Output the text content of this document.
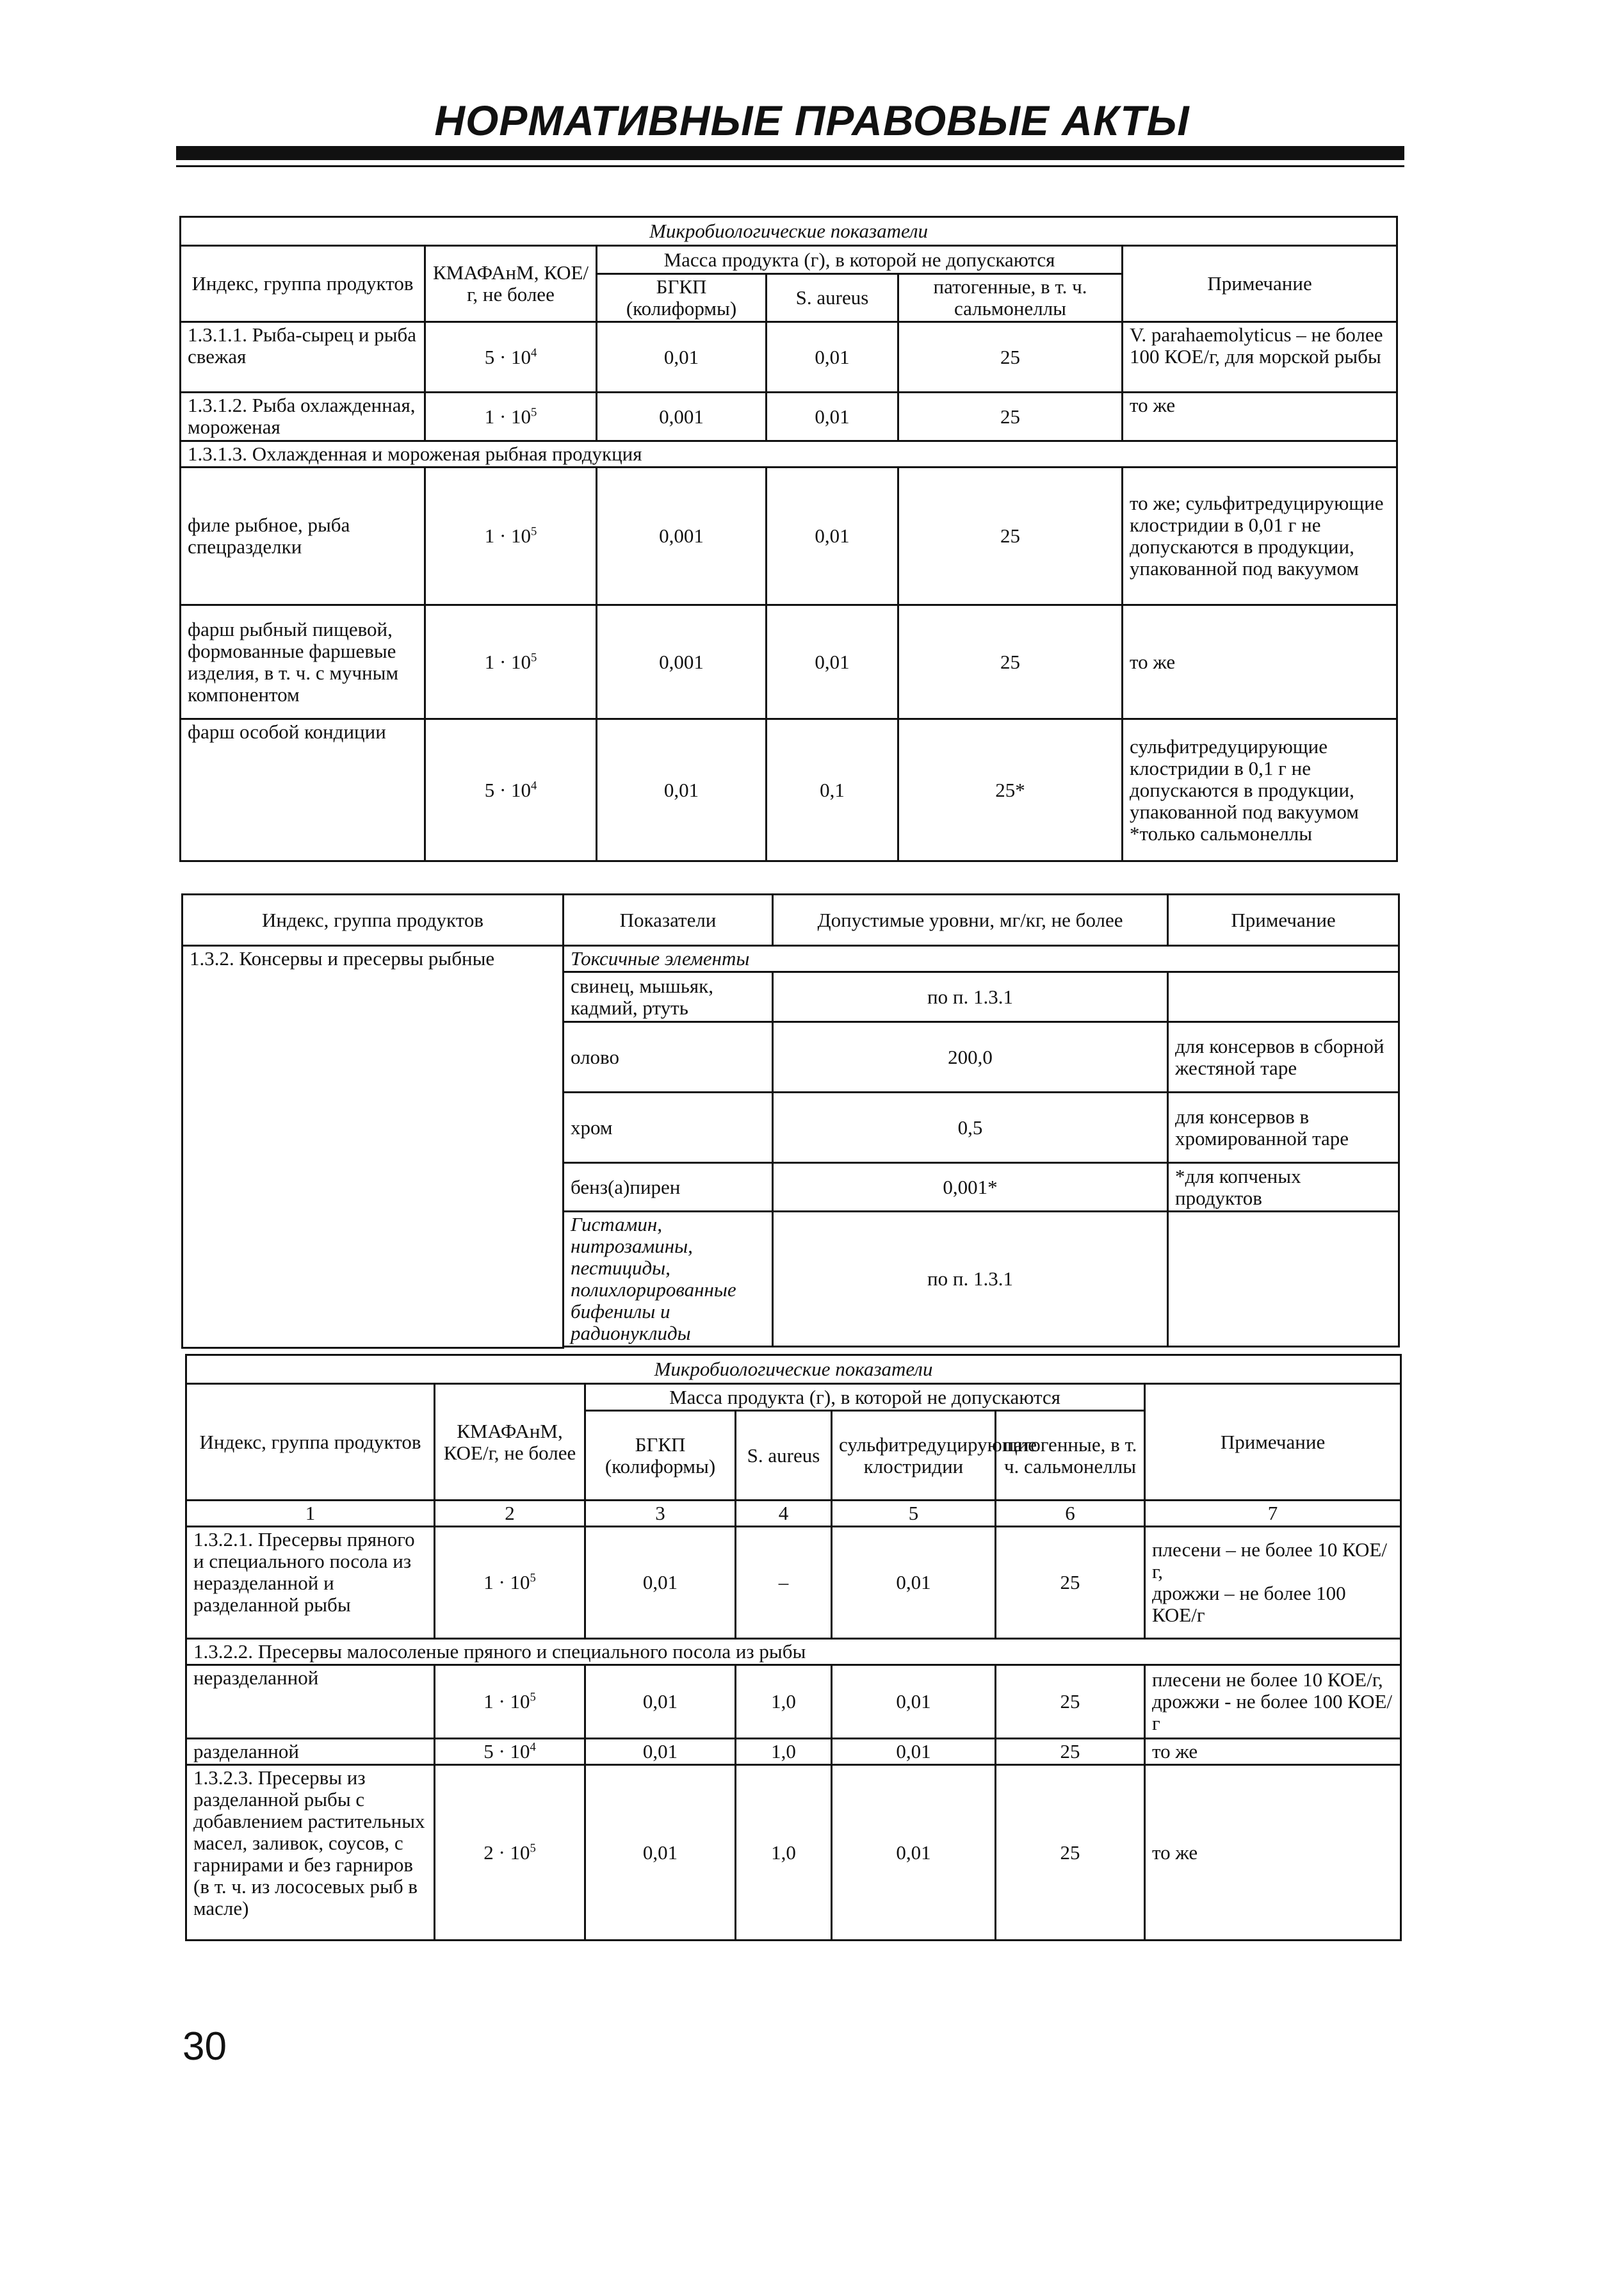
НОРМАТИВНЫЕ ПРАВОВЫЕ АКТЫ
Микробиологические показатели					
Индекс, группа продуктов	КМАФАнМ, КОЕ/г, не более	Масса продукта (г), в которой не допускаются			Примечание
		БГКП (колиформы)	S. aureus	патогенные, в т. ч. сальмонеллы	
1.3.1.1. Рыба-сырец и рыба свежая	$5 \cdot 10^4$	0,01	0,01	25	V. parahaemolyticus – не более 100 КОЕ/г, для морской рыбы
1.3.1.2. Рыба охлажденная, мороженая	$1 \cdot 10^5$	0,001	0,01	25	то же
1.3.1.3. Охлажденная и мороженая рыбная продукция					
филе рыбное, рыба спецразделки	$1 \cdot 10^5$	0,001	0,01	25	то же; сульфитредуцирующие клостридии в 0,01 г не допускаются в продукции, упакованной под вакуумом
фарш рыбный пищевой, формованные фаршевые изделия, в т. ч. с мучным компонентом	$1 \cdot 10^5$	0,001	0,01	25	то же
фарш особой кондиции	$5 \cdot 10^4$	0,01	0,1	25*	сульфитредуцирующие клостридии в 0,1 г не допускаются в продукции, упакованной под вакуумом
*только сальмонеллы
Индекс, группа продуктов	Показатели	Допустимые уровни, мг/кг, не более	Примечание
1.3.2. Консервы и пресервы рыбные	Токсичные элементы		
	свинец, мышьяк, кадмий, ртуть	по п. 1.3.1	
	олово	200,0	для консервов в сборной жестяной таре
	хром	0,5	для консервов в хромированной таре
	бенз(а)пирен	0,001*	*для копченых продуктов
	Гистамин, нитрозамины, пестициды, полихлорированные бифенилы и радионуклиды	по п. 1.3.1	

Микробиологические показатели						
Индекс, группа продуктов	КМАФАнМ, КОЕ/г, не более	Масса продукта (г), в которой не допускаются				Примечание
		БГКП (колиформы)	S. aureus	сульфитредуцирующие клостридии	патогенные, в т. ч. сальмонеллы	
1	2	3	4	5	6	7
1.3.2.1. Пресервы пряного и специального посола из неразделанной и разделанной рыбы	$1 \cdot 10^5$	0,01	–	0,01	25	плесени – не более 10 КОЕ/г,
дрожжи – не более 100 КОЕ/г

1.3.2.2. Пресервы малосоленые пряного и специального посола из рыбы						
неразделанной	$1 \cdot 10^5$	0,01	1,0	0,01	25	плесени не более 10 КОЕ/г, дрожжи - не более 100 КОЕ/г
разделанной	$5 \cdot 10^4$	0,01	1,0	0,01	25	то же
1.3.2.3. Пресервы из разделанной рыбы с добавлением растительных масел, заливок, соусов, с гарнирами и без гарниров (в т. ч. из лососевых рыб в масле)	$2 \cdot 10^5$	0,01	1,0	0,01	25	то же
30
